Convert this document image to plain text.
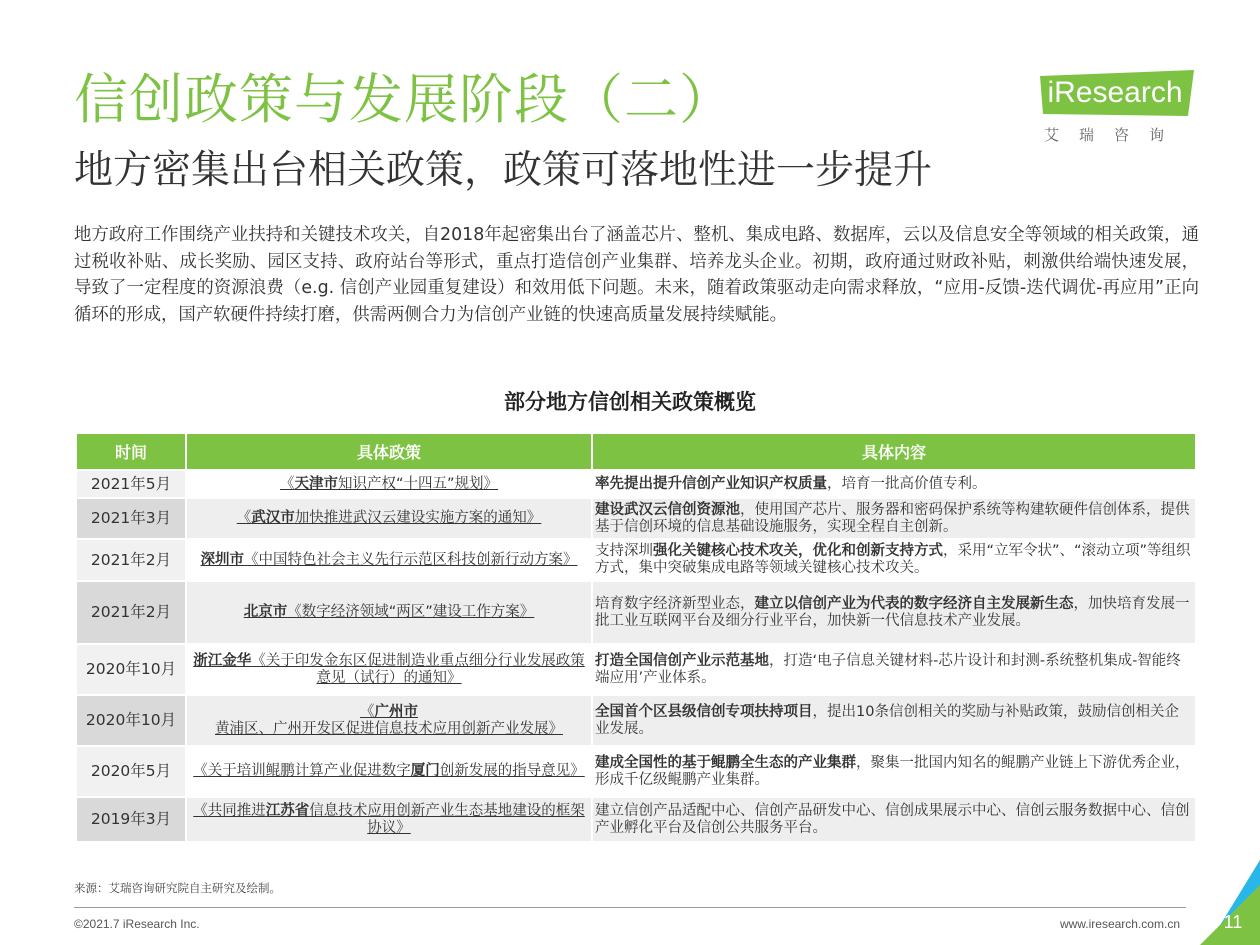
信创政策与发展阶段（二）
地方密集出台相关政策，政策可落地性进一步提升
iResearch
艾瑞咨询
地方政府工作围绕产业扶持和关键技术攻关，自2018年起密集出台了涵盖芯片、整机、集成电路、数据库，云以及信息安全等领域的相关政策，通过税收补贴、成长奖励、园区支持、政府站台等形式，重点打造信创产业集群、培养龙头企业。初期，政府通过财政补贴，刺激供给端快速发展，导致了一定程度的资源浪费（e.g. 信创产业园重复建设）和效用低下问题。未来，随着政策驱动走向需求释放，“应用-反馈-迭代调优-再应用”正向循环的形成，国产软硬件持续打磨，供需两侧合力为信创产业链的快速高质量发展持续赋能。
部分地方信创相关政策概览
时间	具体政策	具体内容
2021年5月	《天津市知识产权“十四五”规划》	率先提出提升信创产业知识产权质量，培育一批高价值专利。
2021年3月	《武汉市加快推进武汉云建设实施方案的通知》	建设武汉云信创资源池，使用国产芯片、服务器和密码保护系统等构建软硬件信创体系，提供基于信创环境的信息基础设施服务，实现全程自主创新。
2021年2月	深圳市《中国特色社会主义先行示范区科技创新行动方案》	支持深圳强化关键核心技术攻关，优化和创新支持方式，采用“立军令状”、“滚动立项”等组织方式，集中突破集成电路等领域关键核心技术攻关。
2021年2月	北京市《数字经济领域“两区”建设工作方案》	培育数字经济新型业态，建立以信创产业为代表的数字经济自主发展新生态，加快培育发展一批工业互联网平台及细分行业平台，加快新一代信息技术产业发展。
2020年10月	浙江金华《关于印发金东区促进制造业重点细分行业发展政策意见（试行）的通知》	打造全国信创产业示范基地，打造‘电子信息关键材料-芯片设计和封测-系统整机集成-智能终端应用’产业体系。
2020年10月	《广州市黄浦区、广州开发区促进信息技术应用创新产业发展》	全国首个区县级信创专项扶持项目，提出10条信创相关的奖励与补贴政策，鼓励信创相关企业发展。
2020年5月	《关于培训鲲鹏计算产业促进数字厦门创新发展的指导意见》	建成全国性的基于鲲鹏全生态的产业集群，聚集一批国内知名的鲲鹏产业链上下游优秀企业，形成千亿级鲲鹏产业集群。
2019年3月	《共同推进江苏省信息技术应用创新产业生态基地建设的框架协议》	建立信创产品适配中心、信创产品研发中心、信创成果展示中心、信创云服务数据中心、信创产业孵化平台及信创公共服务平台。
来源：艾瑞咨询研究院自主研究及绘制。
©2021.7 iResearch Inc.	www.iresearch.com.cn	11
